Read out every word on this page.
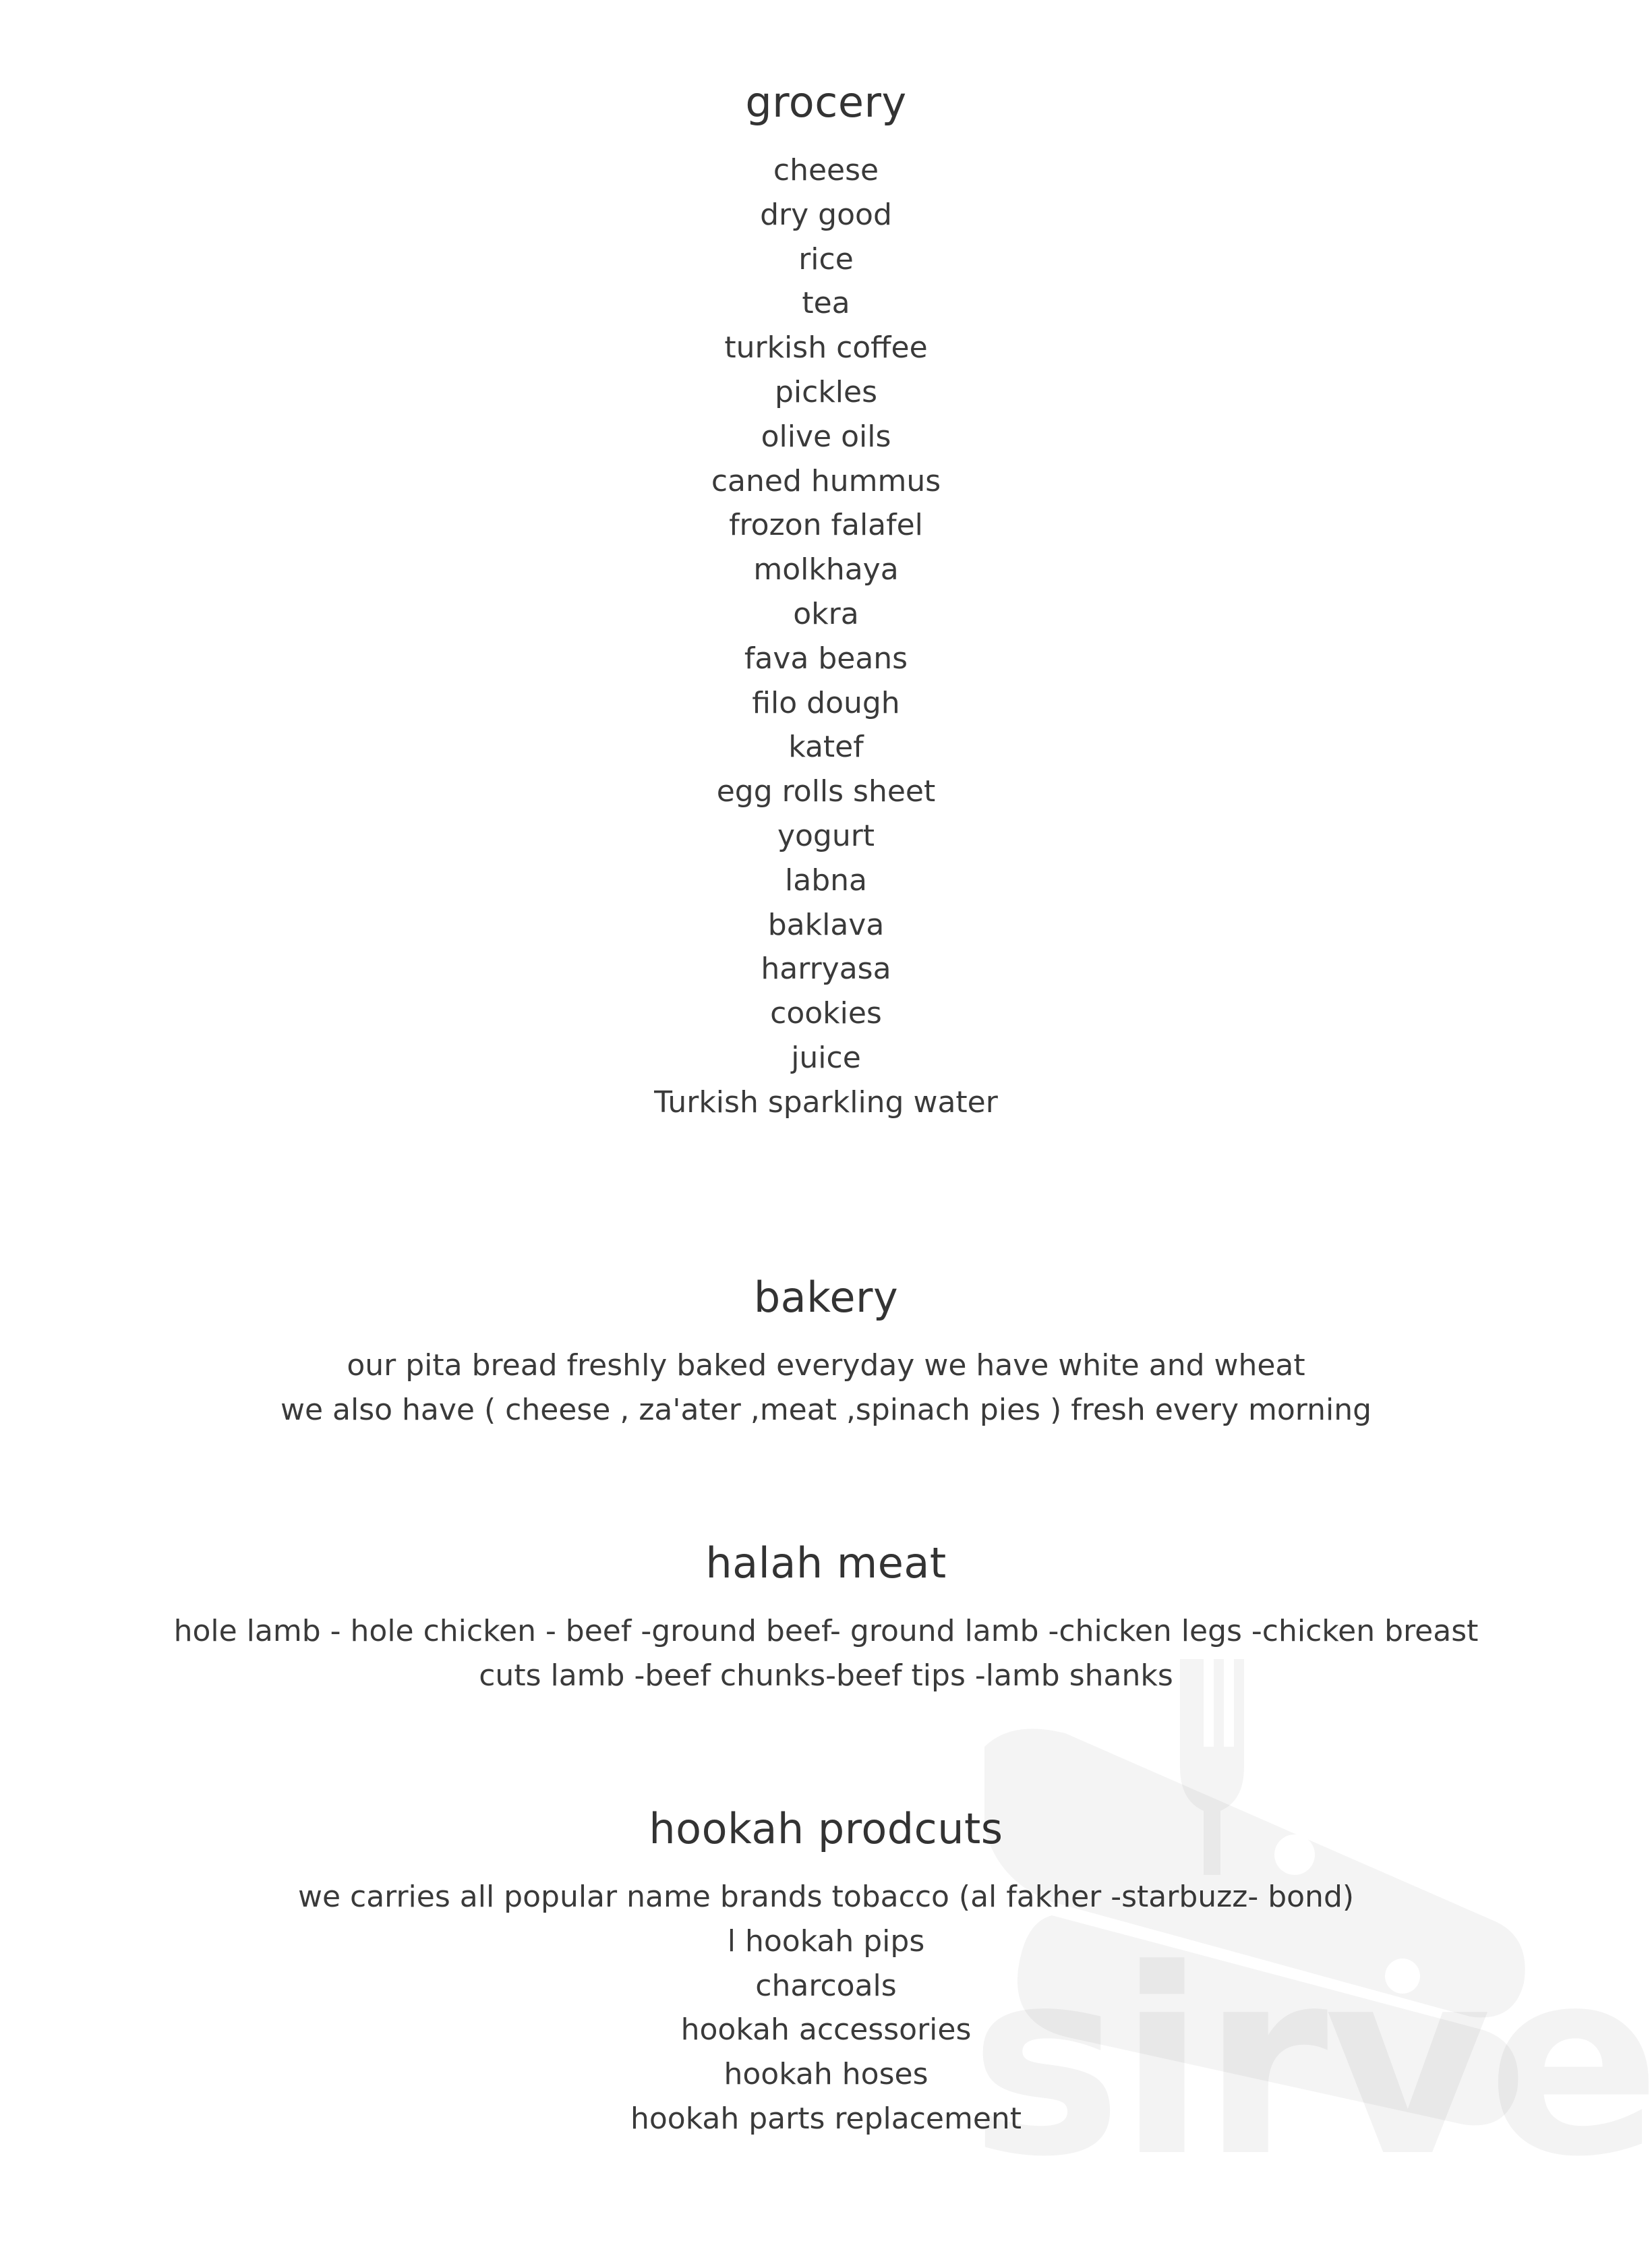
grocery
cheese
dry good
rice
tea
turkish coffee
pickles
olive oils
caned hummus
frozon falafel
molkhaya
okra
fava beans
filo dough
katef
egg rolls sheet
yogurt
labna
baklava
harryasa
cookies
juice
Turkish sparkling water
bakery
our pita bread freshly baked everyday we have white and wheat
we also have ( cheese , za'ater ,meat ,spinach pies ) fresh every morning
halah meat
hole lamb - hole chicken - beef -ground beef- ground lamb -chicken legs -chicken breast
cuts lamb -beef chunks-beef tips -lamb shanks
hookah prodcuts
we carries all popular name brands tobacco (al fakher -starbuzz- bond)
l hookah pips
charcoals
hookah accessories
hookah hoses
hookah parts replacement
